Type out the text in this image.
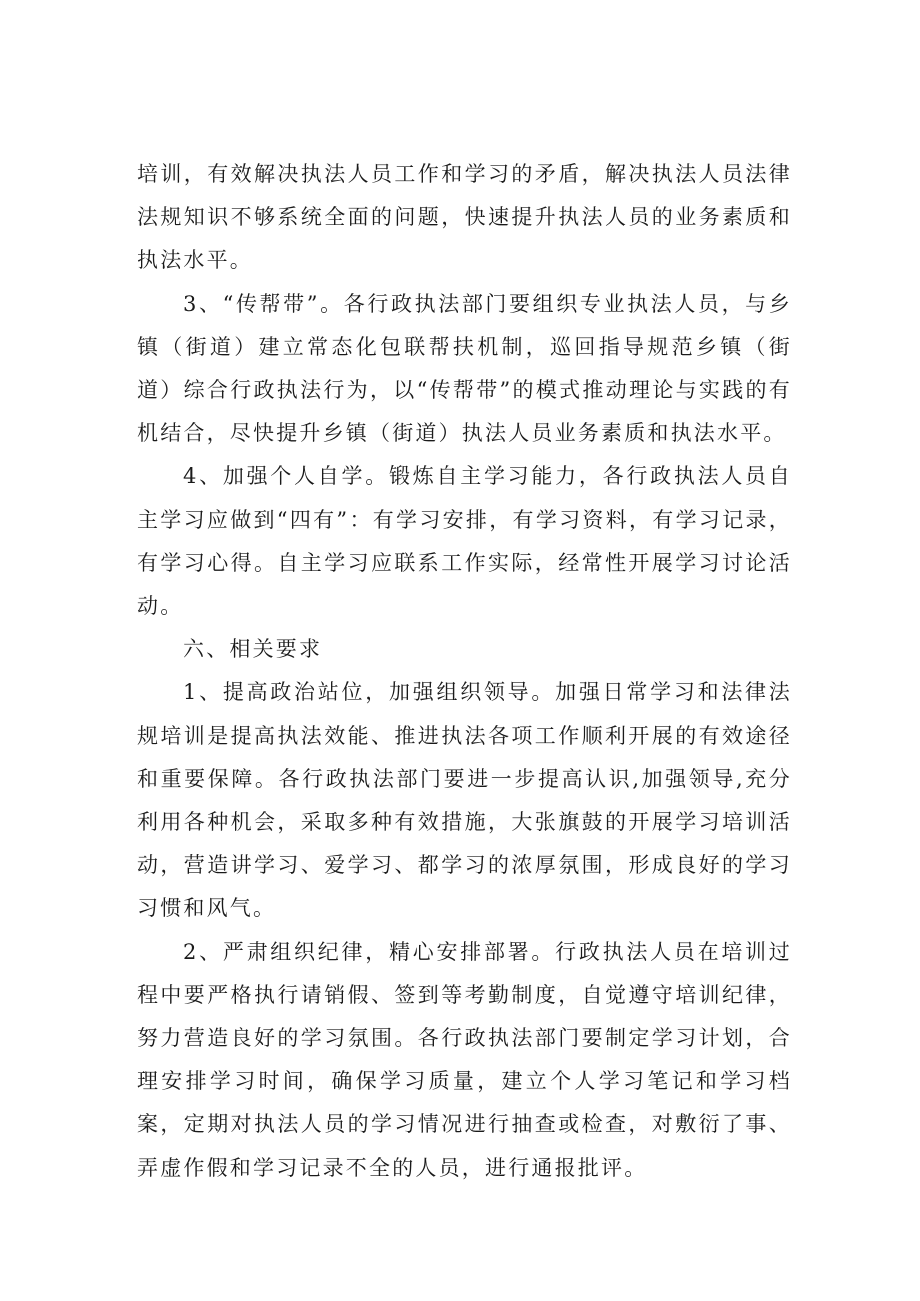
培训，有效解决执法人员工作和学习的矛盾，解决执法人员法律法规知识不够系统全面的问题，快速提升执法人员的业务素质和执法水平。

3、“传帮带”。各行政执法部门要组织专业执法人员，与乡镇（街道）建立常态化包联帮扶机制，巡回指导规范乡镇（街道）综合行政执法行为，以“传帮带”的模式推动理论与实践的有机结合，尽快提升乡镇（街道）执法人员业务素质和执法水平。

4、加强个人自学。锻炼自主学习能力，各行政执法人员自主学习应做到“四有”：有学习安排，有学习资料，有学习记录，有学习心得。自主学习应联系工作实际，经常性开展学习讨论活动。

六、相关要求

1、提高政治站位，加强组织领导。加强日常学习和法律法规培训是提高执法效能、推进执法各项工作顺利开展的有效途径和重要保障。各行政执法部门要进一步提高认识,加强领导,充分利用各种机会，采取多种有效措施，大张旗鼓的开展学习培训活动，营造讲学习、爱学习、都学习的浓厚氛围，形成良好的学习习惯和风气。

2、严肃组织纪律，精心安排部署。行政执法人员在培训过程中要严格执行请销假、签到等考勤制度，自觉遵守培训纪律，努力营造良好的学习氛围。各行政执法部门要制定学习计划，合理安排学习时间，确保学习质量，建立个人学习笔记和学习档案，定期对执法人员的学习情况进行抽查或检查，对敷衍了事、弄虚作假和学习记录不全的人员，进行通报批评。
